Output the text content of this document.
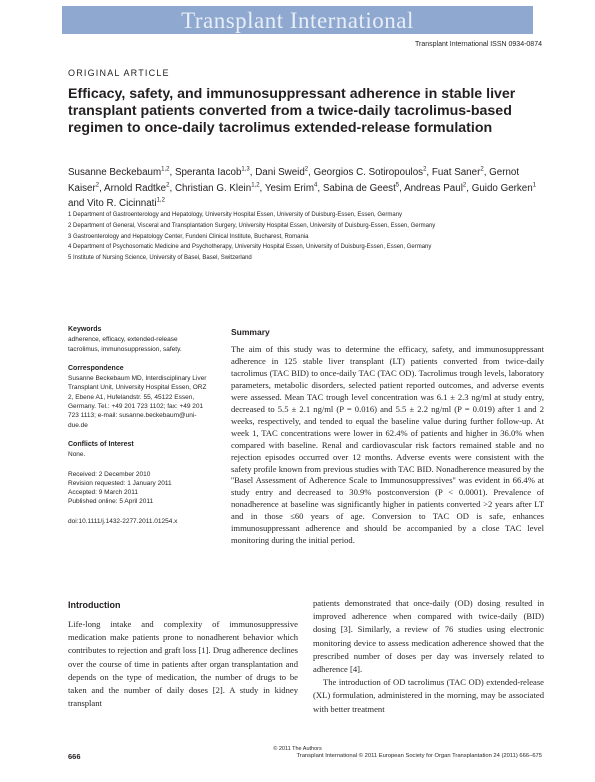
Transplant International
Transplant International ISSN 0934-0874
ORIGINAL ARTICLE
Efficacy, safety, and immunosuppressant adherence in stable liver transplant patients converted from a twice-daily tacrolimus-based regimen to once-daily tacrolimus extended-release formulation
Susanne Beckebaum$^{1,2}$, Speranta Iacob$^{1,3}$, Dani Sweid$^2$, Georgios C. Sotiropoulos$^2$, Fuat Saner$^2$, Gernot Kaiser$^2$, Arnold Radtke$^2$, Christian G. Klein$^{1,2}$, Yesim Erim$^4$, Sabina de Geest$^5$, Andreas Paul$^2$, Guido Gerken$^1$ and Vito R. Cicinnati$^{1,2}$
1 Department of Gastroenterology and Hepatology, University Hospital Essen, University of Duisburg-Essen, Essen, Germany
2 Department of General, Visceral and Transplantation Surgery, University Hospital Essen, University of Duisburg-Essen, Essen, Germany
3 Gastroenterology and Hepatology Center, Fundeni Clinical Institute, Bucharest, Romania
4 Department of Psychosomatic Medicine and Psychotherapy, University Hospital Essen, University of Duisburg-Essen, Essen, Germany
5 Institute of Nursing Science, University of Basel, Basel, Switzerland
Keywords
adherence, efficacy, extended-release tacrolimus, immunosuppression, safety.
Correspondence
Susanne Beckebaum MD, Interdisciplinary Liver Transplant Unit, University Hospital Essen, ORZ 2, Ebene A1, Hufelandstr. 55, 45122 Essen, Germany. Tel.: +49 201 723 1102; fax: +49 201 723 1113; e-mail: susanne.beckebaum@uni-due.de
Conflicts of Interest
None.
Received: 2 December 2010
Revision requested: 1 January 2011
Accepted: 9 March 2011
Published online: 5 April 2011
doi:10.1111/j.1432-2277.2011.01254.x
Summary
The aim of this study was to determine the efficacy, safety, and immunosuppressant adherence in 125 stable liver transplant (LT) patients converted from twice-daily tacrolimus (TAC BID) to once-daily TAC (TAC OD). Tacrolimus trough levels, laboratory parameters, metabolic disorders, selected patient reported outcomes, and adverse events were assessed. Mean TAC trough level concentration was 6.1 ± 2.3 ng/ml at study entry, decreased to 5.5 ± 2.1 ng/ml (P = 0.016) and 5.5 ± 2.2 ng/ml (P = 0.019) after 1 and 2 weeks, respectively, and tended to equal the baseline value during further follow-up. At week 1, TAC concentrations were lower in 62.4% of patients and higher in 36.0% when compared with baseline. Renal and cardiovascular risk factors remained stable and no rejection episodes occurred over 12 months. Adverse events were consistent with the safety profile known from previous studies with TAC BID. Nonadherence measured by the ''Basel Assessment of Adherence Scale to Immunosuppressives'' was evident in 66.4% at study entry and decreased to 30.9% postconversion (P < 0.0001). Prevalence of nonadherence at baseline was significantly higher in patients converted >2 years after LT and in those ≤60 years of age. Conversion to TAC OD is safe, enhances immunosuppressant adherence and should be accompanied by a close TAC level monitoring during the initial period.
Introduction
Life-long intake and complexity of immunosuppressive medication make patients prone to nonadherent behavior which contributes to rejection and graft loss [1]. Drug adherence declines over the course of time in patients after organ transplantation and depends on the type of medication, the number of drugs to be taken and the number of daily doses [2]. A study in kidney transplant

patients demonstrated that once-daily (OD) dosing resulted in improved adherence when compared with twice-daily (BID) dosing [3]. Similarly, a review of 76 studies using electronic monitoring device to assess medication adherence showed that the prescribed number of doses per day was inversely related to adherence [4].

The introduction of OD tacrolimus (TAC OD) extended-release (XL) formulation, administered in the morning, may be associated with better treatment

© 2011 The Authors
666	Transplant International © 2011 European Society for Organ Transplantation 24 (2011) 666–675
